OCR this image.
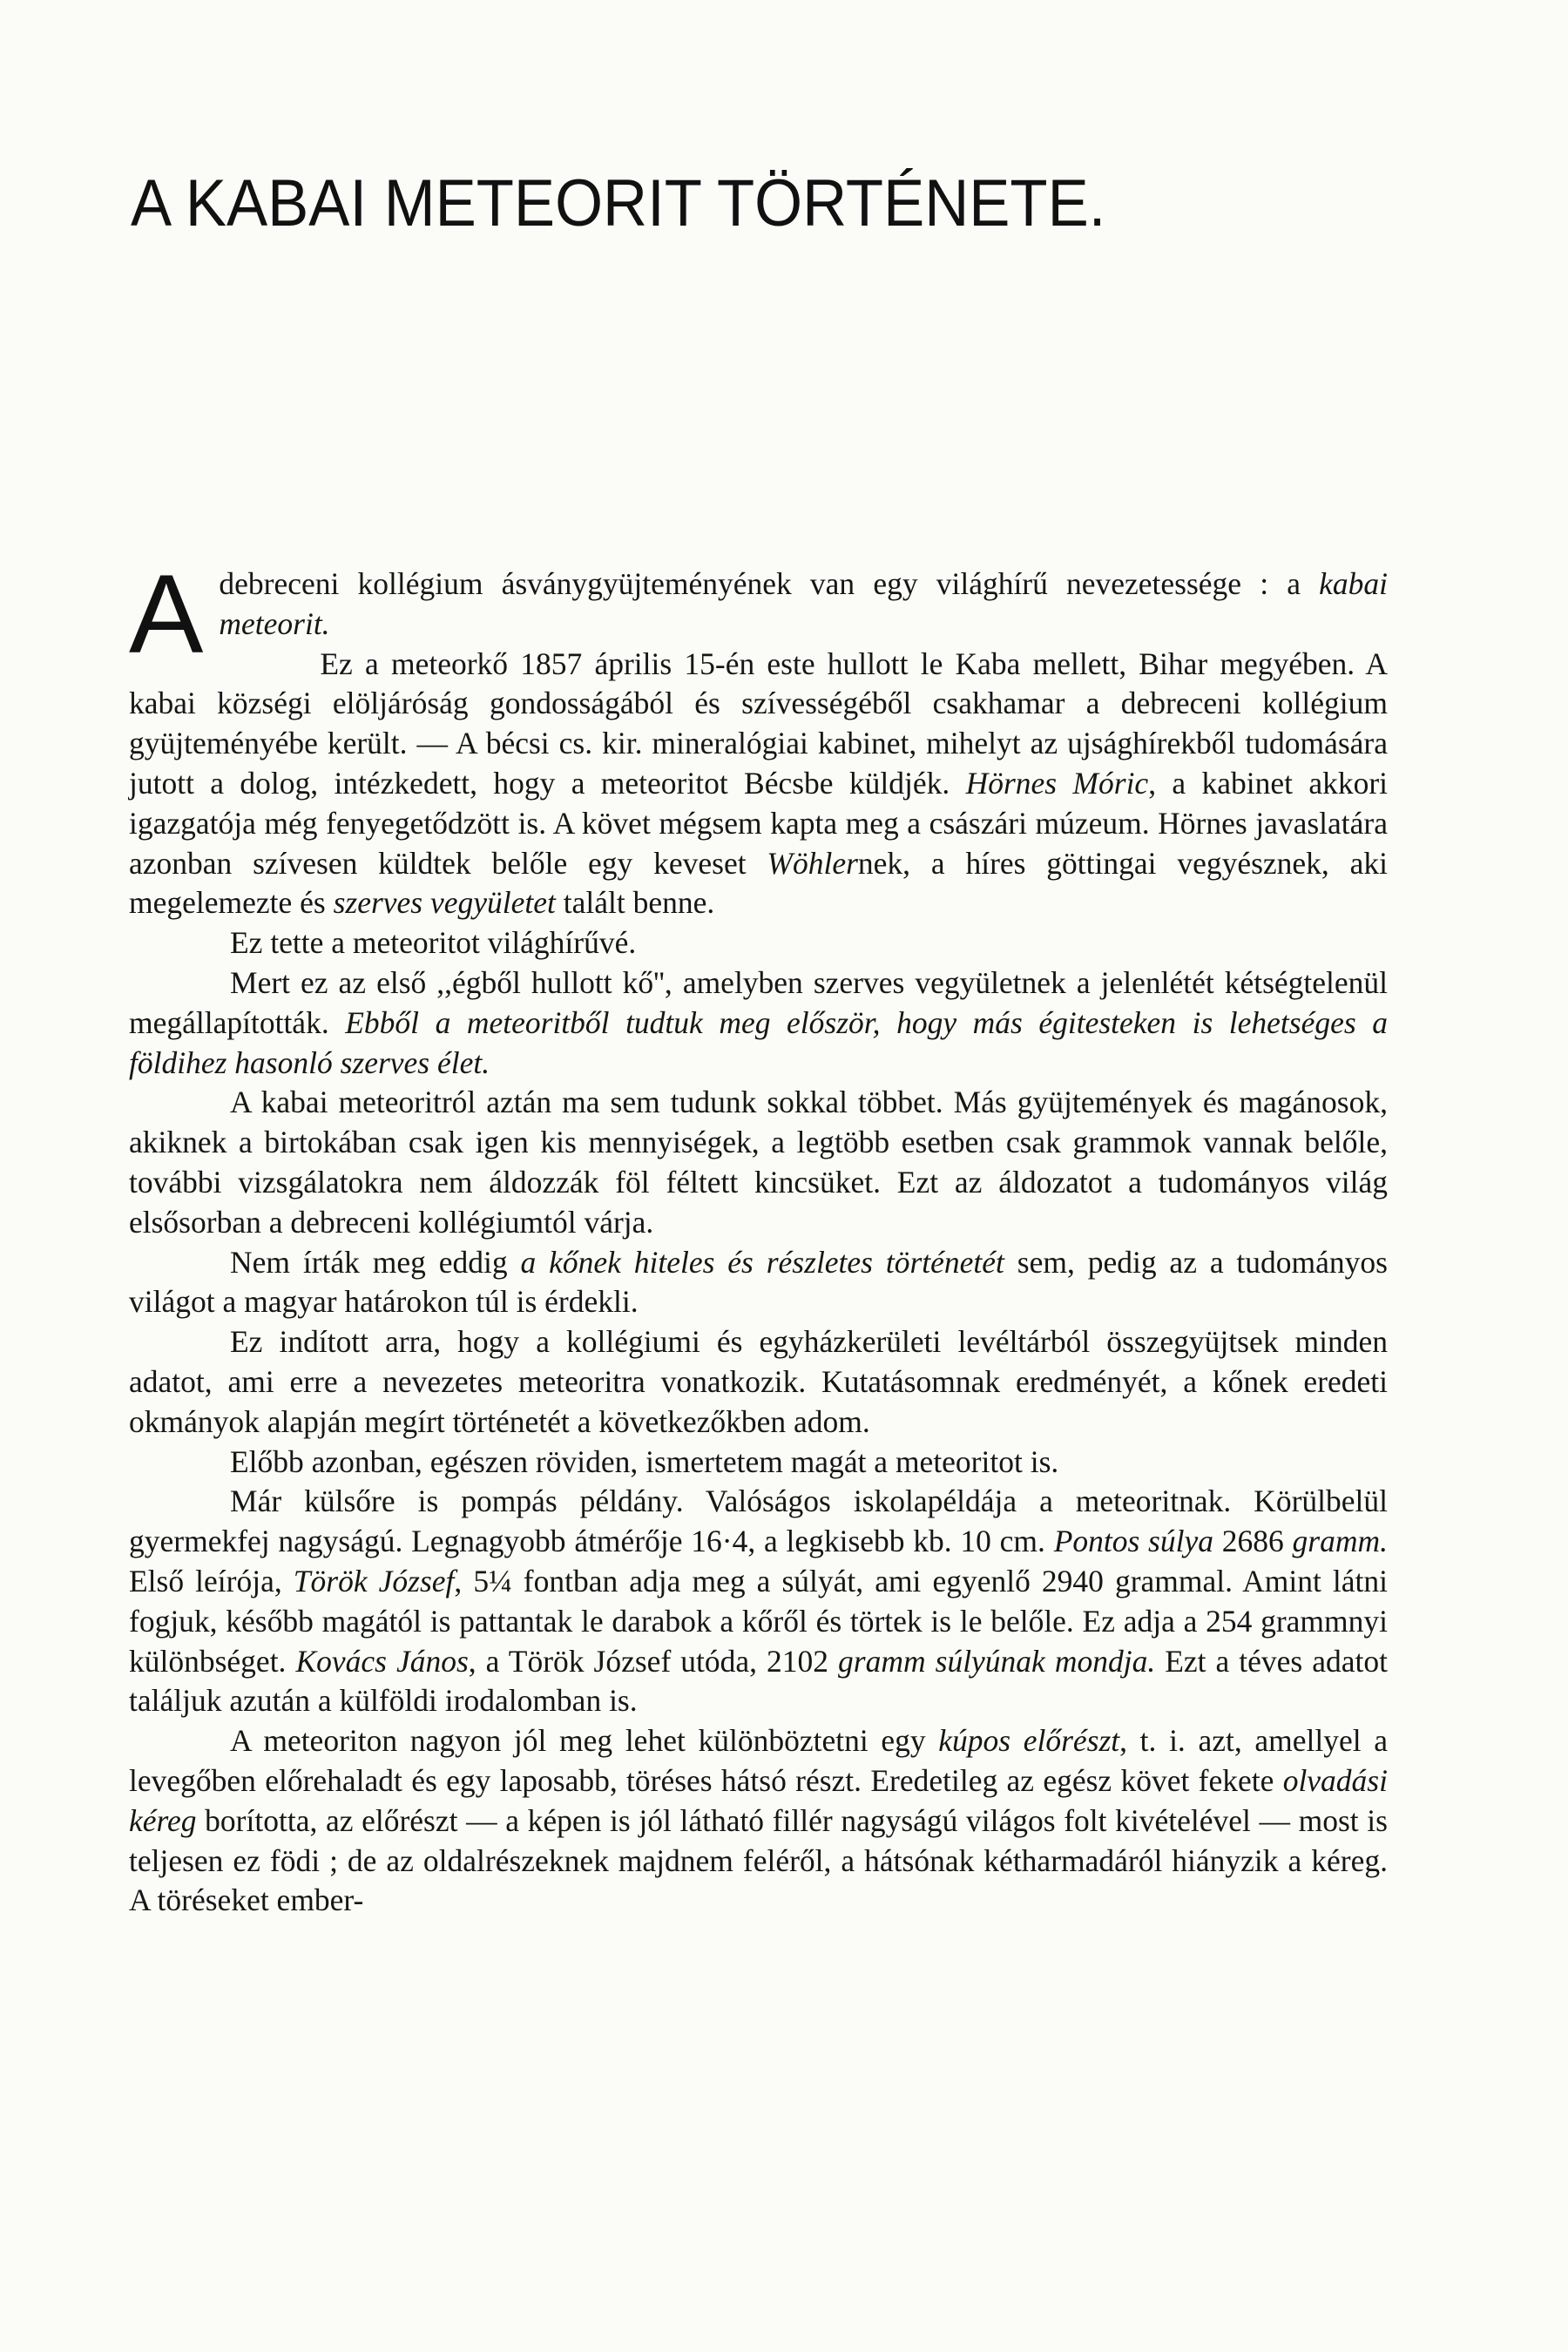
A KABAI METEORIT TÖRTÉNETE.

Adebreceni kollégium ásványgyüjteményének van egy világhírű nevezetessége : a kabai meteorit.

Ez a meteorkő 1857 április 15-én este hullott le Kaba mellett, Bihar megyében. A kabai községi elöljáróság gondosságából és szívességéből csakhamar a debreceni kollégium gyüjteményébe került. — A bécsi cs. kir. mineralógiai kabinet, mihelyt az ujsághírekből tudomására jutott a dolog, intézkedett, hogy a meteoritot Bécsbe küldjék. Hörnes Móric, a kabinet akkori igazgatója még fenyegetődzött is. A követ mégsem kapta meg a császári múzeum. Hörnes javaslatára azonban szívesen küldtek belőle egy keveset Wöhlernek, a híres göttingai vegyésznek, aki megelemezte és szerves vegyületet talált benne.

Ez tette a meteoritot világhírűvé.

Mert ez az első ,,égből hullott kő'', amelyben szerves vegyületnek a jelenlétét kétségtelenül megállapították. Ebből a meteoritből tudtuk meg először, hogy más égitesteken is lehetséges a földihez hasonló szerves élet.

A kabai meteoritról aztán ma sem tudunk sokkal többet. Más gyüjtemények és magánosok, akiknek a birtokában csak igen kis mennyiségek, a legtöbb esetben csak grammok vannak belőle, további vizsgálatokra nem áldozzák föl féltett kincsüket. Ezt az áldozatot a tudományos világ elsősorban a debreceni kollégiumtól várja.

Nem írták meg eddig a kőnek hiteles és részletes történetét sem, pedig az a tudományos világot a magyar határokon túl is érdekli.

Ez indított arra, hogy a kollégiumi és egyházkerületi levéltárból összegyüjtsek minden adatot, ami erre a nevezetes meteoritra vonatkozik. Kutatásomnak eredményét, a kőnek eredeti okmányok alapján megírt történetét a következőkben adom.

Előbb azonban, egészen röviden, ismertetem magát a meteoritot is.

Már külsőre is pompás példány. Valóságos iskolapéldája a meteoritnak. Körülbelül gyermekfej nagyságú. Legnagyobb átmérője 16·4, a legkisebb kb. 10 cm. Pontos súlya 2686 gramm. Első leírója, Török József, 5¼ fontban adja meg a súlyát, ami egyenlő 2940 grammal. Amint látni fogjuk, később magától is pattantak le darabok a kőről és törtek is le belőle. Ez adja a 254 grammnyi különbséget. Kovács János, a Török József utóda, 2102 gramm súlyúnak mondja. Ezt a téves adatot találjuk azután a külföldi irodalomban is.

A meteoriton nagyon jól meg lehet különböztetni egy kúpos előrészt, t. i. azt, amellyel a levegőben előrehaladt és egy laposabb, töréses hátsó részt. Eredetileg az egész követ fekete olvadási kéreg borította, az előrészt — a képen is jól látható fillér nagyságú világos folt kivételével — most is teljesen ez födi ; de az oldalrészeknek majdnem feléről, a hátsónak kétharmadáról hiányzik a kéreg. A töréseket ember-
